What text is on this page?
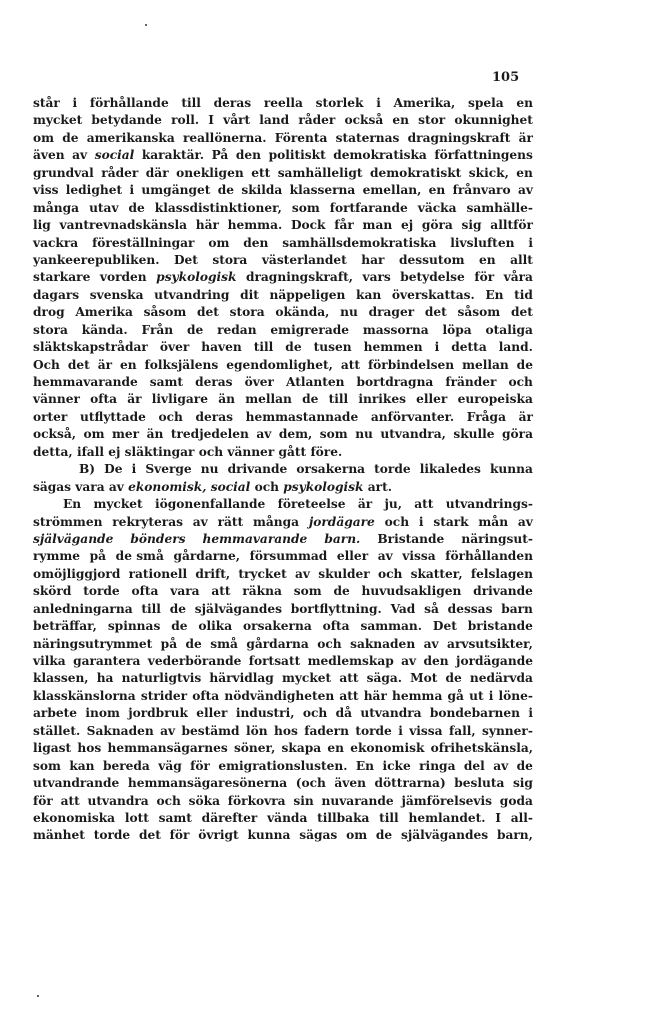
105
står i förhållande till deras reella storlek i Amerika, spela en
mycket betydande roll. I vårt land råder också en stor okunnighet
om de amerikanska reallönerna. Förenta staternas dragningskraft är
även av social karaktär. På den politiskt demokratiska författningens
grundval råder där onekligen ett samhälleligt demokratiskt skick, en
viss ledighet i umgänget de skilda klasserna emellan, en frånvaro av
många utav de klassdistinktioner, som fortfarande väcka samhälle-
lig vantrevnadskänsla här hemma. Dock får man ej göra sig alltför
vackra föreställningar om den samhällsdemokratiska livsluften i
yankeerepubliken. Det stora västerlandet har dessutom en allt
starkare vorden psykologisk dragningskraft, vars betydelse för våra
dagars svenska utvandring dit näppeligen kan överskattas. En tid
drog Amerika såsom det stora okända, nu drager det såsom det
stora kända. Från de redan emigrerade massorna löpa otaliga
släktskapstrådar över haven till de tusen hemmen i detta land.
Och det är en folksjälens egendomlighet, att förbindelsen mellan de
hemmavarande samt deras över Atlanten bortdragna fränder och
vänner ofta är livligare än mellan de till inrikes eller europeiska
orter utflyttade och deras hemmastannade anförvanter. Fråga är
också, om mer än tredjedelen av dem, som nu utvandra, skulle göra
detta, ifall ej släktingar och vänner gått före.
B) De i Sverge nu drivande orsakerna torde likaledes kunna
sägas vara av ekonomisk, social och psykologisk art.
En mycket iögonenfallande företeelse är ju, att utvandrings-
strömmen rekryteras av rätt många jordägare och i stark mån av
självägande bönders hemmavarande barn. Bristande näringsut-
rymme på de små gårdarne, försummad eller av vissa förhållanden
omöjliggjord rationell drift, trycket av skulder och skatter, felslagen
skörd torde ofta vara att räkna som de huvudsakligen drivande
anledningarna till de självägandes bortflyttning. Vad så dessas barn
beträffar, spinnas de olika orsakerna ofta samman. Det bristande
näringsutrymmet på de små gårdarna och saknaden av arvsutsikter,
vilka garantera vederbörande fortsatt medlemskap av den jordägande
klassen, ha naturligtvis härvidlag mycket att säga. Mot de nedärvda
klasskänslorna strider ofta nödvändigheten att här hemma gå ut i löne-
arbete inom jordbruk eller industri, och då utvandra bondebarnen i
stället. Saknaden av bestämd lön hos fadern torde i vissa fall, synner-
ligast hos hemmansägarnes söner, skapa en ekonomisk ofrihetskänsla,
som kan bereda väg för emigrationslusten. En icke ringa del av de
utvandrande hemmansägaresönerna (och även döttrarna) besluta sig
för att utvandra och söka förkovra sin nuvarande jämförelsevis goda
ekonomiska lott samt därefter vända tillbaka till hemlandet. I all-
mänhet torde det för övrigt kunna sägas om de självägandes barn,
